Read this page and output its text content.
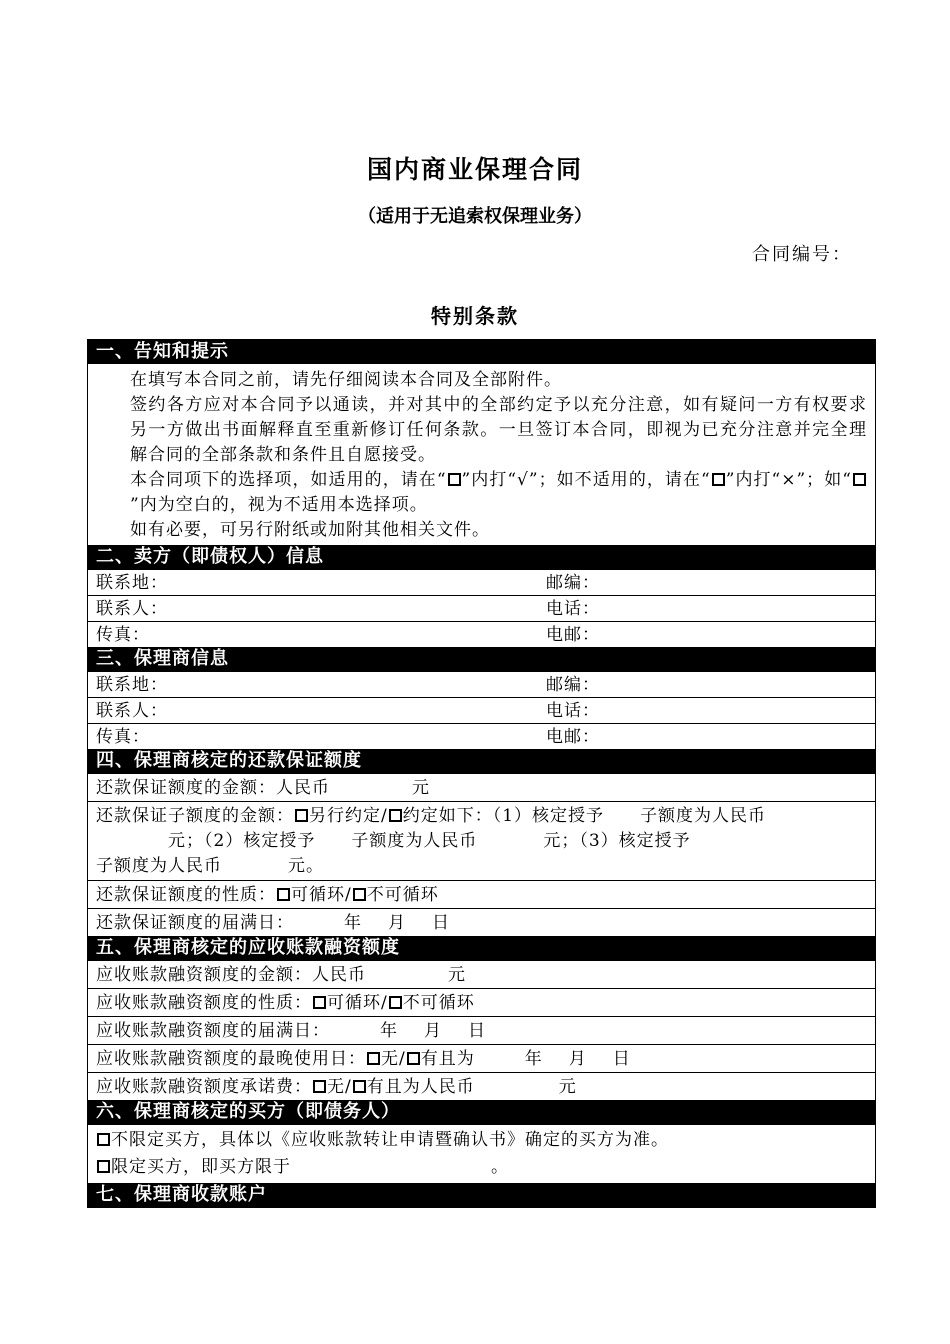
国内商业保理合同
（适用于无追索权保理业务）
合同编号：
特别条款
一、告知和提示
在填写本合同之前，请先仔细阅读本合同及全部附件。
签约各方应对本合同予以通读，并对其中的全部约定予以充分注意，如有疑问一方有权要求另一方做出书面解释直至重新修订任何条款。一旦签订本合同，即视为已充分注意并完全理解合同的全部条款和条件且自愿接受。
本合同项下的选择项，如适用的，请在“ ”内打“√”；如不适用的，请在“ ”内打“×”；如“”内为空白的，视为不适用本选择项。
如有必要，可另行附纸或加附其他相关文件。
二、卖方（即债权人）信息
联系地：	邮编：
联系人：	电话：
传真：	电邮：
三、保理商信息
联系地：	邮编：
联系人：	电话：
传真：	电邮：
四、保理商核定的还款保证额度
还款保证额度的金额：人民币	元
还款保证子额度的金额： 另行约定/ 约定如下：（1）核定授予 子额度为人民币
元；（2）核定授予 子额度为人民币	元；（3）核定授予
子额度为人民币	元。
还款保证额度的性质： 可循环/ 不可循环
还款保证额度的届满日：	年 月 日
五、保理商核定的应收账款融资额度
应收账款融资额度的金额：人民币	元
应收账款融资额度的性质： 可循环/ 不可循环
应收账款融资额度的届满日：	年 月 日
应收账款融资额度的最晚使用日： 无/ 有且为	年 月 日
应收账款融资额度承诺费： 无/ 有且为人民币	元
六、保理商核定的买方（即债务人）
不限定买方，具体以《应收账款转让申请暨确认书》确定的买方为准。
限定买方，即买方限于	。
七、保理商收款账户
